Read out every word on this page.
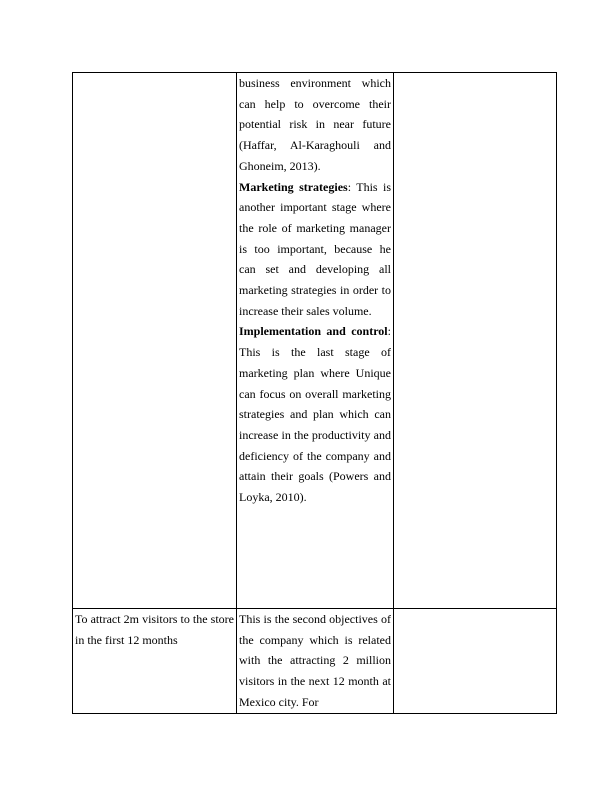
	business environment which can help to overcome their potential risk in near future (Haffar, Al-Karaghouli and Ghoneim, 2013).
Marketing strategies: This is another important stage where the role of marketing manager is too important, because he can set and developing all marketing strategies in order to increase their sales volume.
Implementation and control: This is the last stage of marketing plan where Unique can focus on overall marketing strategies and plan which can increase in the productivity and deficiency of the company and attain their goals (Powers and Loyka, 2010).	

To attract 2m visitors to the store in the first 12 months	This is the second objectives of the company which is related with the attracting 2 million visitors in the next 12 month at Mexico city. For	
